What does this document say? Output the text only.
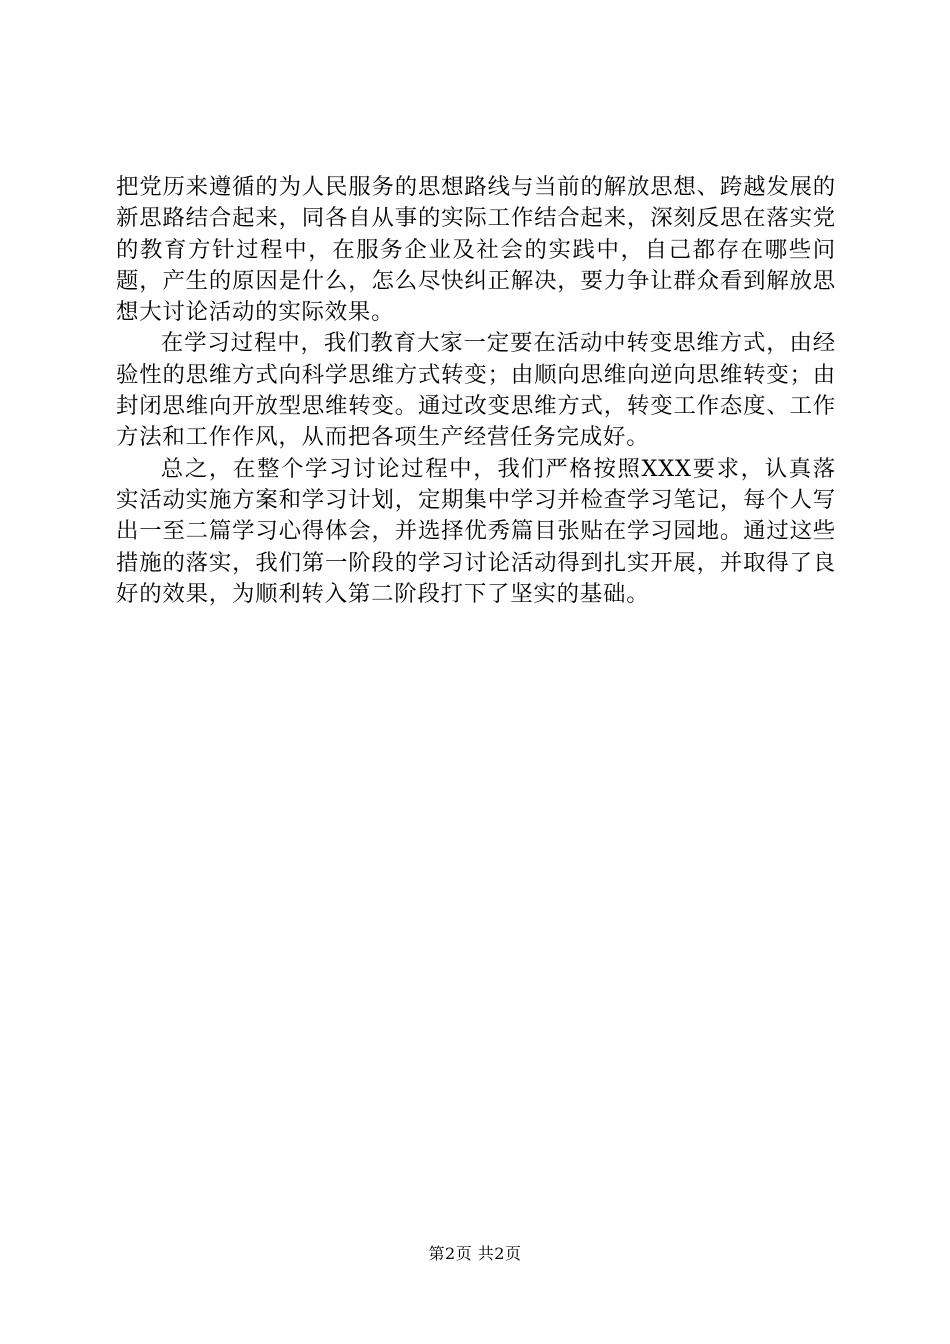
把党历来遵循的为人民服务的思想路线与当前的解放思想、跨越发展的新思路结合起来，同各自从事的实际工作结合起来，深刻反思在落实党的教育方针过程中，在服务企业及社会的实践中，自己都存在哪些问题，产生的原因是什么，怎么尽快纠正解决，要力争让群众看到解放思想大讨论活动的实际效果。

在学习过程中，我们教育大家一定要在活动中转变思维方式，由经验性的思维方式向科学思维方式转变；由顺向思维向逆向思维转变；由封闭思维向开放型思维转变。通过改变思维方式，转变工作态度、工作方法和工作作风，从而把各项生产经营任务完成好。

总之，在整个学习讨论过程中，我们严格按照XXX要求，认真落实活动实施方案和学习计划，定期集中学习并检查学习笔记，每个人写出一至二篇学习心得体会，并选择优秀篇目张贴在学习园地。通过这些措施的落实，我们第一阶段的学习讨论活动得到扎实开展，并取得了良好的效果，为顺利转入第二阶段打下了坚实的基础。

第2页 共2页
